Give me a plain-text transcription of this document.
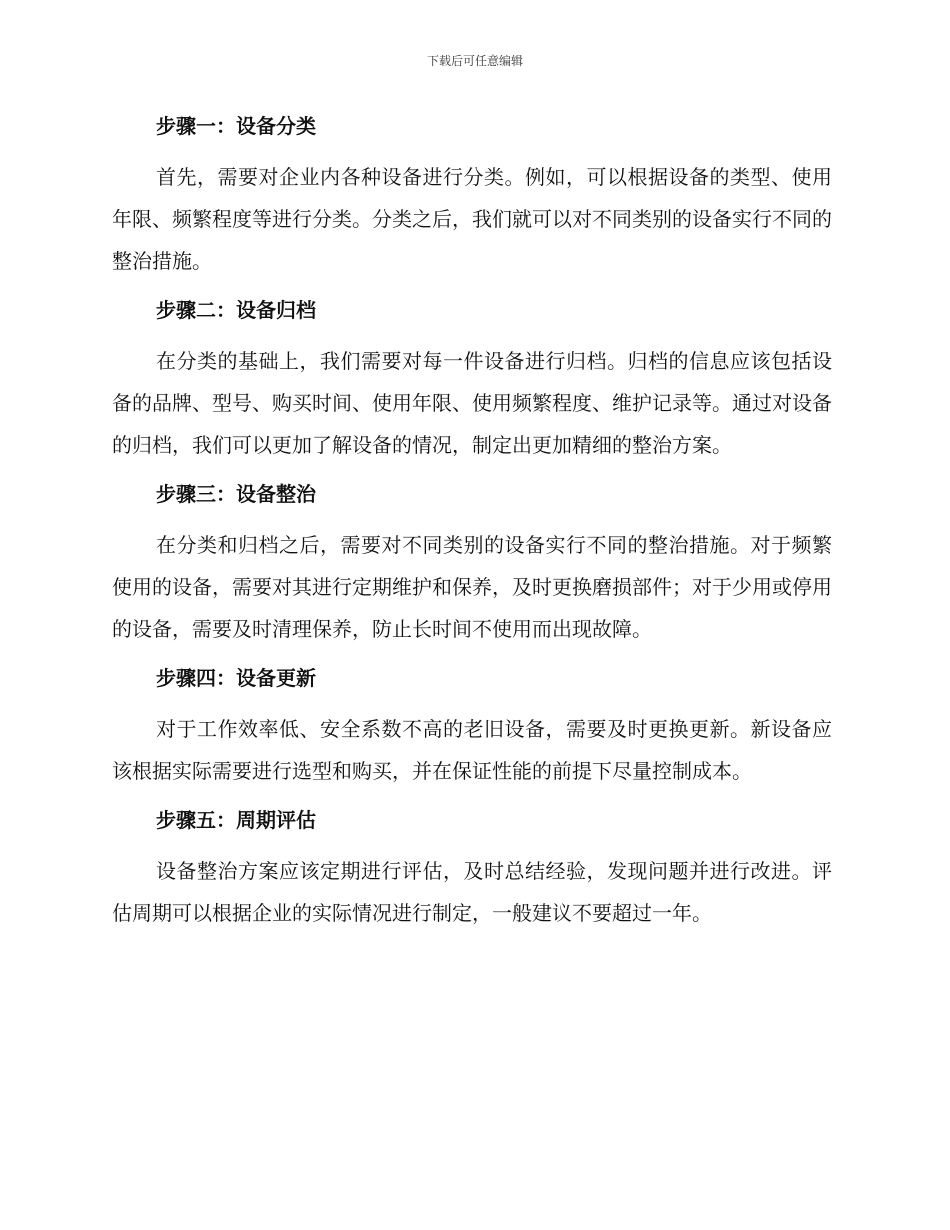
下载后可任意编辑
步骤一：设备分类

首先，需要对企业内各种设备进行分类。例如，可以根据设备的类型、使用年限、频繁程度等进行分类。分类之后，我们就可以对不同类别的设备实行不同的整治措施。

步骤二：设备归档

在分类的基础上，我们需要对每一件设备进行归档。归档的信息应该包括设备的品牌、型号、购买时间、使用年限、使用频繁程度、维护记录等。通过对设备的归档，我们可以更加了解设备的情况，制定出更加精细的整治方案。

步骤三：设备整治

在分类和归档之后，需要对不同类别的设备实行不同的整治措施。对于频繁使用的设备，需要对其进行定期维护和保养，及时更换磨损部件；对于少用或停用的设备，需要及时清理保养，防止长时间不使用而出现故障。

步骤四：设备更新

对于工作效率低、安全系数不高的老旧设备，需要及时更换更新。新设备应该根据实际需要进行选型和购买，并在保证性能的前提下尽量控制成本。

步骤五：周期评估

设备整治方案应该定期进行评估，及时总结经验，发现问题并进行改进。评估周期可以根据企业的实际情况进行制定，一般建议不要超过一年。
